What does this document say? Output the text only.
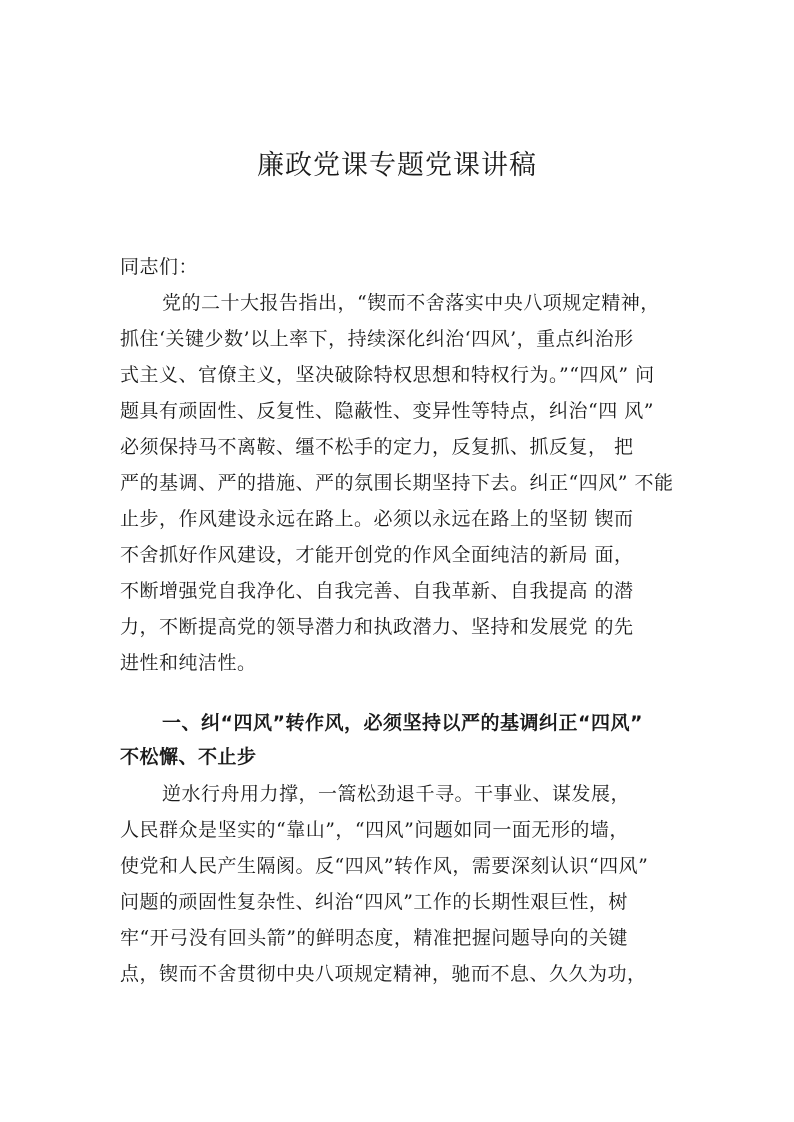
廉政党课专题党课讲稿
同志们：
党的二十大报告指出，“锲而不舍落实中央八项规定精神，
抓住‘关键少数’以上率下，持续深化纠治‘四风’，重点纠治形
式主义、官僚主义，坚决破除特权思想和特权行为。”“四风” 问
题具有顽固性、反复性、隐蔽性、变异性等特点，纠治“四 风”
必须保持马不离鞍、缰不松手的定力，反复抓、抓反复， 把
严的基调、严的措施、严的氛围长期坚持下去。纠正“四风” 不能
止步，作风建设永远在路上。必须以永远在路上的坚韧 锲而
不舍抓好作风建设，才能开创党的作风全面纯洁的新局 面，
不断增强党自我净化、自我完善、自我革新、自我提高 的潜
力，不断提高党的领导潜力和执政潜力、坚持和发展党 的先
进性和纯洁性。
一、纠“四风”转作风，必须坚持以严的基调纠正“四风”
不松懈、不止步
逆水行舟用力撑，一篙松劲退千寻。干事业、谋发展，
人民群众是坚实的“靠山”，“四风”问题如同一面无形的墙，
使党和人民产生隔阂。反“四风”转作风，需要深刻认识“四风”
问题的顽固性复杂性、纠治“四风”工作的长期性艰巨性，树
牢“开弓没有回头箭”的鲜明态度，精准把握问题导向的关键
点，锲而不舍贯彻中央八项规定精神，驰而不息、久久为功，
